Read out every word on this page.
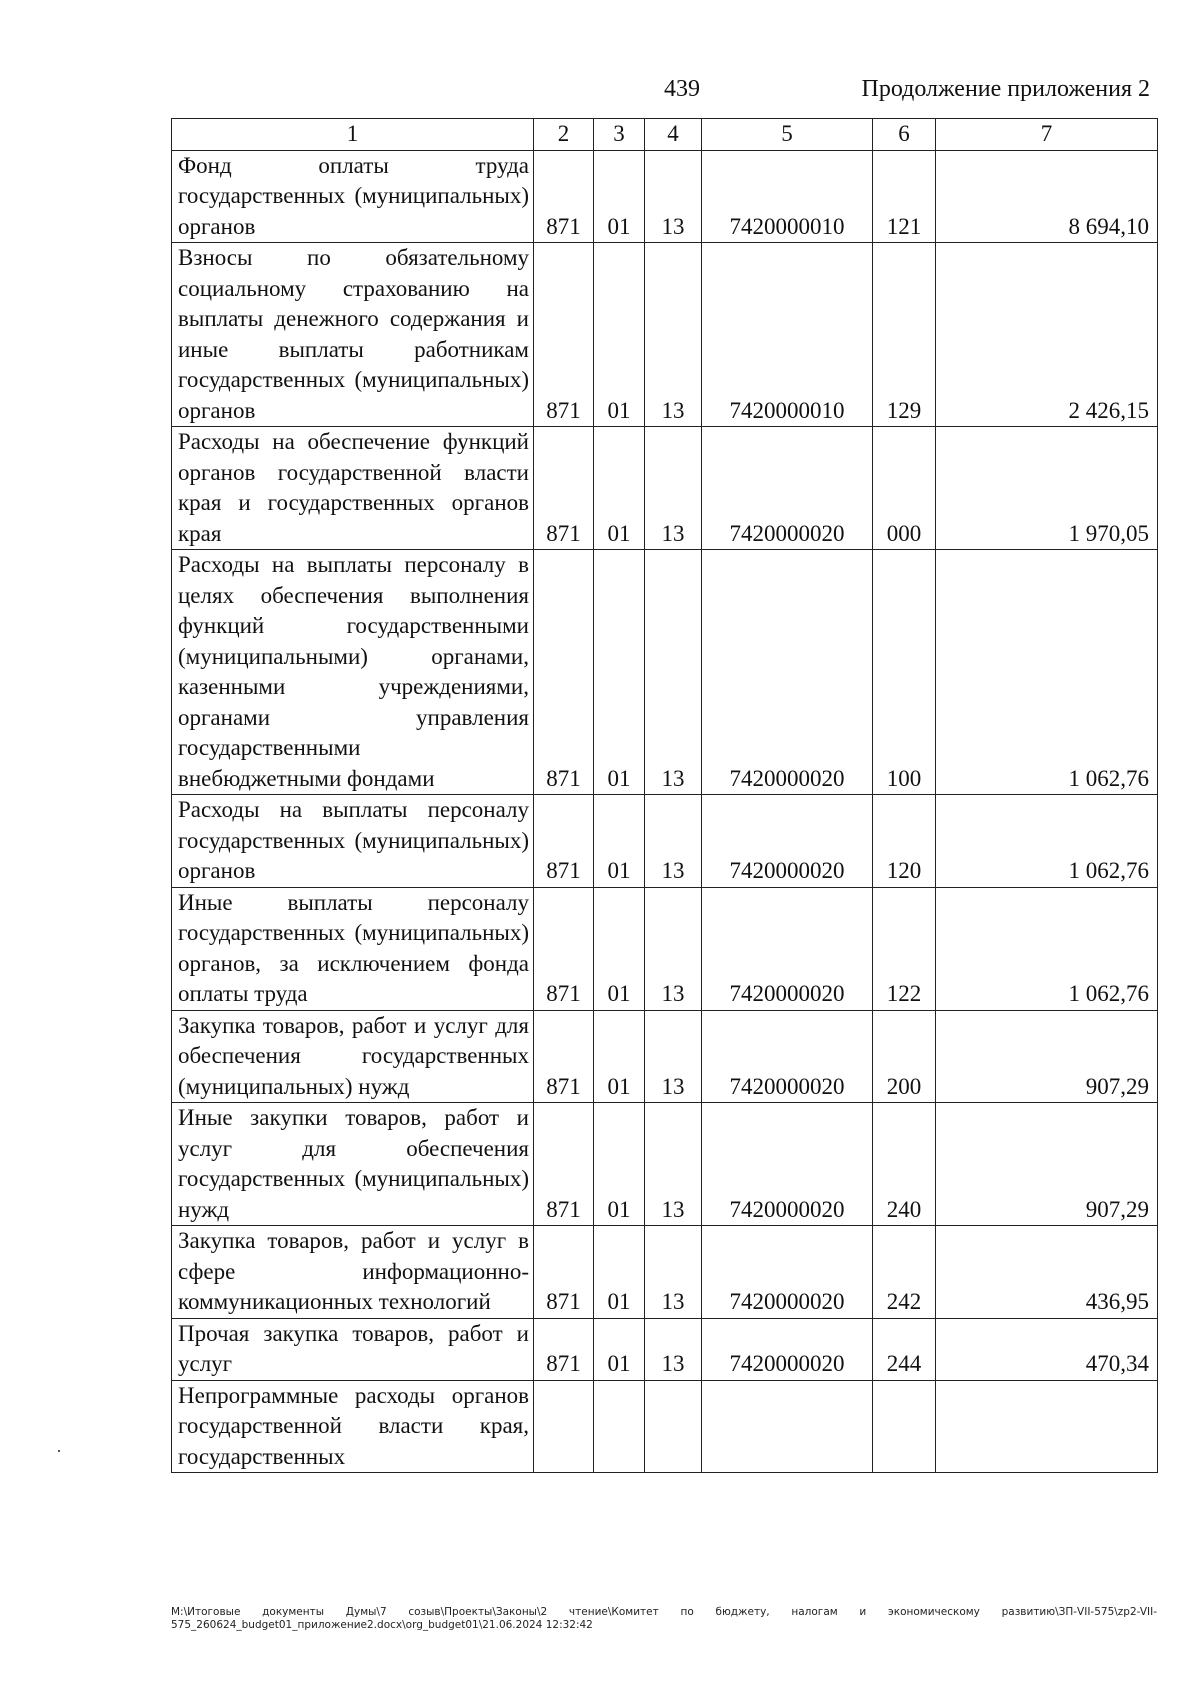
439	Продолжение приложения 2
1	2	3	4	5	6	7
Фонд оплаты труда государственных (муниципальных) органов	871	01	13	7420000010	121	8 694,10
Взносы по обязательному социальному страхованию на выплаты денежного содержания и иные выплаты работникам государственных (муниципальных) органов	871	01	13	7420000010	129	2 426,15
Расходы на обеспечение функций органов государственной власти края и государственных органов края	871	01	13	7420000020	000	1 970,05
Расходы на выплаты персоналу в целях обеспечения выполнения функций государственными (муниципальными) органами, казенными учреждениями, органами управления государственными внебюджетными фондами	871	01	13	7420000020	100	1 062,76
Расходы на выплаты персоналу государственных (муниципальных) органов	871	01	13	7420000020	120	1 062,76
Иные выплаты персоналу государственных (муниципальных) органов, за исключением фонда оплаты труда	871	01	13	7420000020	122	1 062,76
Закупка товаров, работ и услуг для обеспечения государственных (муниципальных) нужд	871	01	13	7420000020	200	907,29
Иные закупки товаров, работ и услуг для обеспечения государственных (муниципальных) нужд	871	01	13	7420000020	240	907,29
Закупка товаров, работ и услуг в сфере информационно-коммуникационных технологий	871	01	13	7420000020	242	436,95
Прочая закупка товаров, работ и услуг	871	01	13	7420000020	244	470,34
Непрограммные расходы органов государственной власти края, государственных						
M:\Итоговые документы Думы\7 созыв\Проекты\Законы\2 чтение\Комитет по бюджету, налогам и экономическому развитию\ЗП-VII-575\zp2-VII-575_260624_budget01_приложение2.docx\org_budget01\21.06.2024 12:32:42
